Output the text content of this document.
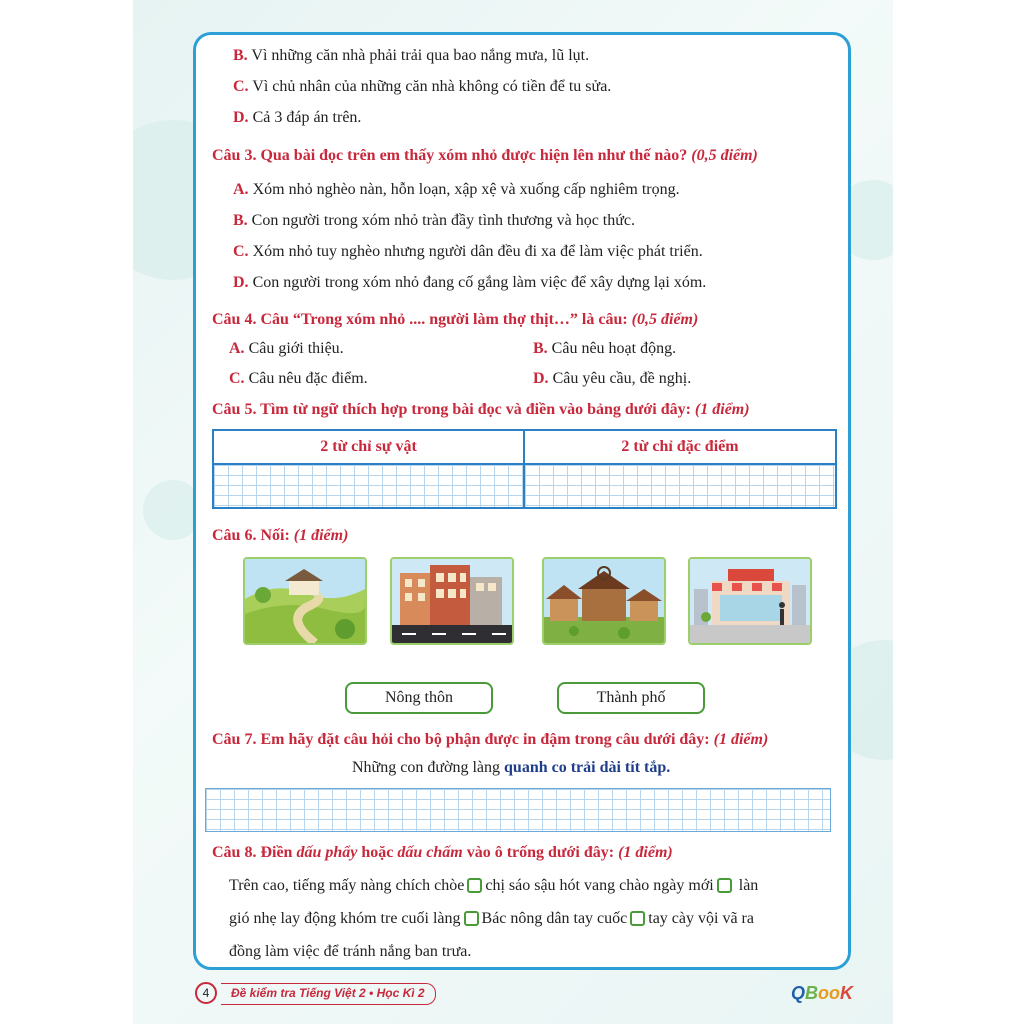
B. Vì những căn nhà phải trải qua bao nắng mưa, lũ lụt.
C. Vì chủ nhân của những căn nhà không có tiền để tu sửa.
D. Cả 3 đáp án trên.
Câu 3. Qua bài đọc trên em thấy xóm nhỏ được hiện lên như thế nào? (0,5 điểm)
A. Xóm nhỏ nghèo nàn, hỗn loạn, xập xệ và xuống cấp nghiêm trọng.
B. Con người trong xóm nhỏ tràn đầy tình thương và học thức.
C. Xóm nhỏ tuy nghèo nhưng người dân đều đi xa để làm việc phát triển.
D. Con người trong xóm nhỏ đang cố gắng làm việc để xây dựng lại xóm.
Câu 4. Câu “Trong xóm nhỏ .... người làm thợ thịt…” là câu: (0,5 điểm)
A. Câu giới thiệu.	B. Câu nêu hoạt động.
C. Câu nêu đặc điểm.	D. Câu yêu cầu, đề nghị.
Câu 5. Tìm từ ngữ thích hợp trong bài đọc và điền vào bảng dưới đây: (1 điểm)
2 từ chỉ sự vật	2 từ chỉ đặc điểm
Câu 6. Nối: (1 điểm)
Nông thôn	Thành phố
Câu 7. Em hãy đặt câu hỏi cho bộ phận được in đậm trong câu dưới đây: (1 điểm)
Những con đường làng quanh co trải dài tít tắp.
Câu 8. Điền dấu phẩy hoặc dấu chấm vào ô trống dưới đây: (1 điểm)
Trên cao, tiếng mấy nàng chích chòe chị sáo sậu hót vang chào ngày mới làn
gió nhẹ lay động khóm tre cuối làng Bác nông dân tay cuốc tay cày vội vã ra
đồng làm việc để tránh nắng ban trưa.
4	Đề kiểm tra Tiếng Việt 2 • Học Kì 2	QBooK
